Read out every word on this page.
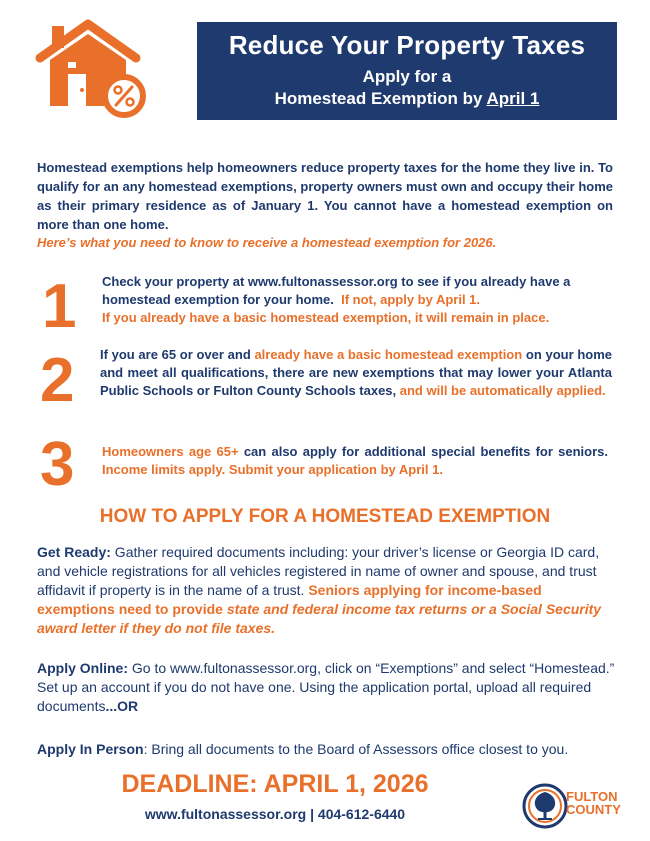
Reduce Your Property Taxes
Apply for a
Homestead Exemption by April 1
Homestead exemptions help homeowners reduce property taxes for the home they live in. To qualify for an any homestead exemptions, property owners must own and occupy their home as their primary residence as of January 1. You cannot have a homestead exemption on more than one home.
Here’s what you need to know to receive a homestead exemption for 2026.
1 Check your property at www.fultonassessor.org to see if you already have a homestead exemption for your home. If not, apply by April 1.
If you already have a basic homestead exemption, it will remain in place.
2 If you are 65 or over and already have a basic homestead exemption on your home and meet all qualifications, there are new exemptions that may lower your Atlanta Public Schools or Fulton County Schools taxes, and will be automatically applied.
3 Homeowners age 65+ can also apply for additional special benefits for seniors. Income limits apply. Submit your application by April 1.
HOW TO APPLY FOR A HOMESTEAD EXEMPTION
Get Ready: Gather required documents including: your driver’s license or Georgia ID card, and vehicle registrations for all vehicles registered in name of owner and spouse, and trust affidavit if property is in the name of a trust. Seniors applying for income-based exemptions need to provide state and federal income tax returns or a Social Security award letter if they do not file taxes.
Apply Online: Go to www.fultonassessor.org, click on “Exemptions” and select “Homestead.” Set up an account if you do not have one. Using the application portal, upload all required documents...OR
Apply In Person: Bring all documents to the Board of Assessors office closest to you.
DEADLINE: APRIL 1, 2026
www.fultonassessor.org | 404-612-6440
FULTON
COUNTY
